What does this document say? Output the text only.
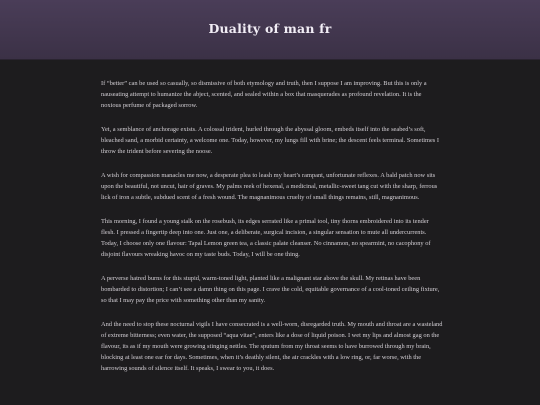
Duality of man fr

If “better” can be used so casually, so dismissive of both etymology and truth, then I suppose I am improving. But this is only a nauseating attempt to humanize the abject, scented, and sealed within a box that masquerades as profound revelation. It is the noxious perfume of packaged sorrow.

Yet, a semblance of anchorage exists. A colossal trident, hurled through the abyssal gloom, embeds itself into the seabed’s soft, bleached sand, a morbid certainty, a welcome one. Today, however, my lungs fill with brine; the descent feels terminal. Sometimes I throw the trident before severing the noose.

A wish for compassion manacles me now, a desperate plea to leash my heart’s rampant, unfortunate reflexes. A bald patch now sits upon the beautiful, not uncut, hair of graves. My palms reek of hexenal, a medicinal, metallic-sweet tang cut with the sharp, ferrous lick of iron a subtle, subdued scent of a fresh wound. The magnanimous cruelty of small things remains, still, magnanimous.

This morning, I found a young stalk on the rosebush, its edges serrated like a primal tool, tiny thorns embroidered into its tender flesh. I pressed a fingertip deep into one. Just one, a deliberate, surgical incision, a singular sensation to mute all undercurrents. Today, I choose only one flavour: Tapal Lemon green tea, a classic palate cleanser. No cinnamon, no spearmint, no cacophony of disjoint flavours wreaking havoc on my taste buds. Today, I will be one thing.

A perverse hatred burns for this stupid, warm-toned light, planted like a malignant star above the skull. My retinas have been bombarded to distortion; I can’t see a damn thing on this page. I crave the cold, equitable governance of a cool-toned ceiling fixture, so that I may pay the price with something other than my sanity.

And the need to stop these nocturnal vigils I have consecrated is a well-worn, disregarded truth. My mouth and throat are a wasteland of extreme bitterness; even water, the supposed “aqua vitae”, enters like a dose of liquid poison. I wet my lips and almost gag on the flavour, its as if my mouth were growing stinging nettles. The sputum from my throat seems to have burrowed through my brain, blocking at least one ear for days. Sometimes, when it’s deathly silent, the air crackles with a low ring, or, far worse, with the harrowing sounds of silence itself. It speaks, I swear to you, it does.
